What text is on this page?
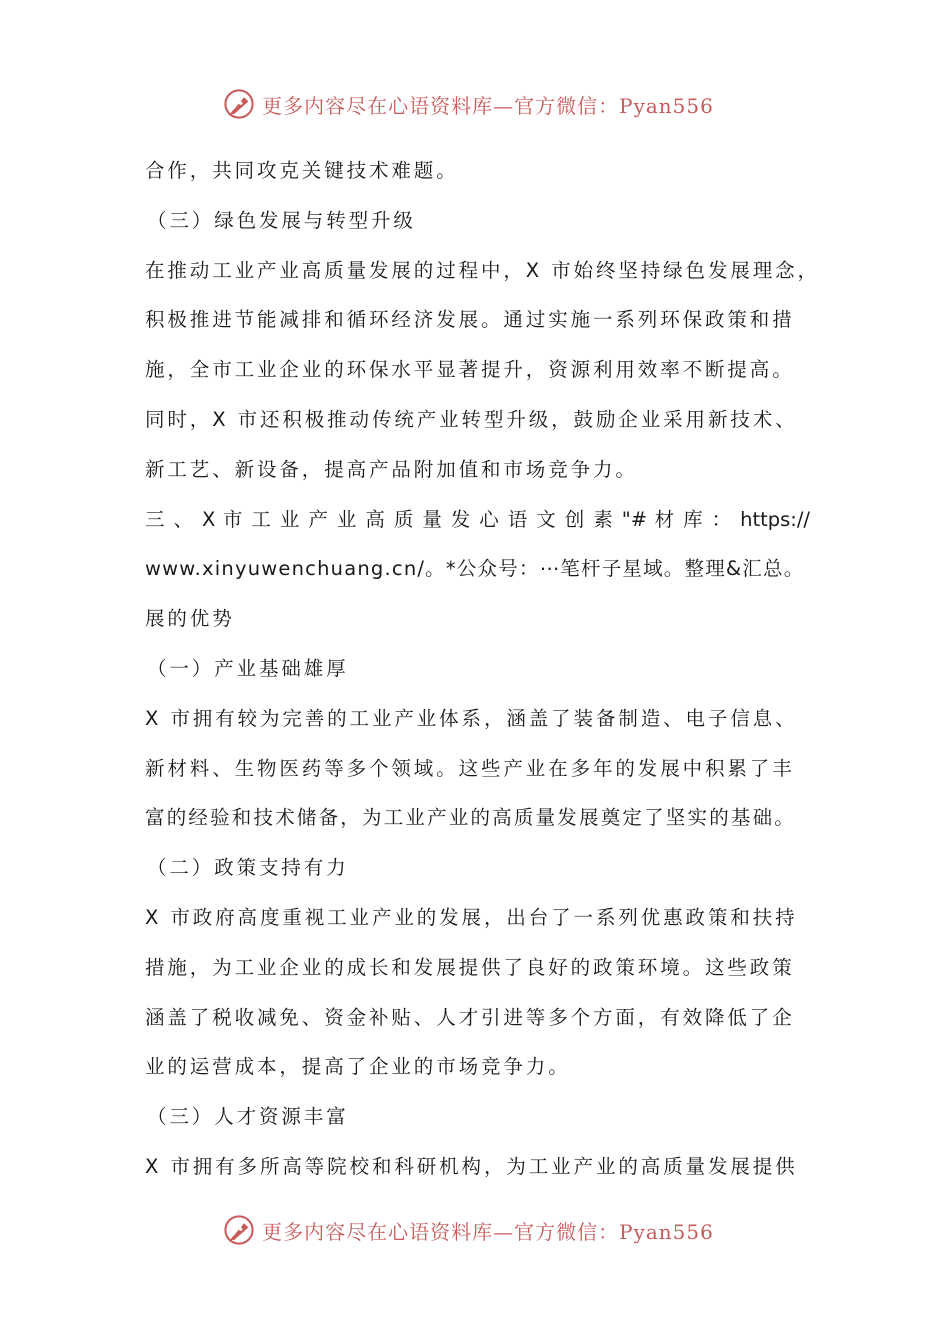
更多内容尽在心语资料库—官方微信：Pyan556
合作，共同攻克关键技术难题。
（三）绿色发展与转型升级
在推动工业产业高质量发展的过程中，X 市始终坚持绿色发展理念，
积极推进节能减排和循环经济发展。通过实施一系列环保政策和措
施，全市工业企业的环保水平显著提升，资源利用效率不断提高。
同时，X 市还积极推动传统产业转型升级，鼓励企业采用新技术、
新工艺、新设备，提高产品附加值和市场竞争力。
三 、 X 市 工 业 产 业 高 质 量 发 心 语 文 创 素 "# 材 库 ： https://
www.xinyuwenchuang.cn/。*公众号：⋯笔杆子星域。整理&汇总。
展的优势
（一）产业基础雄厚
X 市拥有较为完善的工业产业体系，涵盖了装备制造、电子信息、
新材料、生物医药等多个领域。这些产业在多年的发展中积累了丰
富的经验和技术储备，为工业产业的高质量发展奠定了坚实的基础。
（二）政策支持有力
X 市政府高度重视工业产业的发展，出台了一系列优惠政策和扶持
措施，为工业企业的成长和发展提供了良好的政策环境。这些政策
涵盖了税收减免、资金补贴、人才引进等多个方面，有效降低了企
业的运营成本，提高了企业的市场竞争力。
（三）人才资源丰富
X 市拥有多所高等院校和科研机构，为工业产业的高质量发展提供
更多内容尽在心语资料库—官方微信：Pyan556
